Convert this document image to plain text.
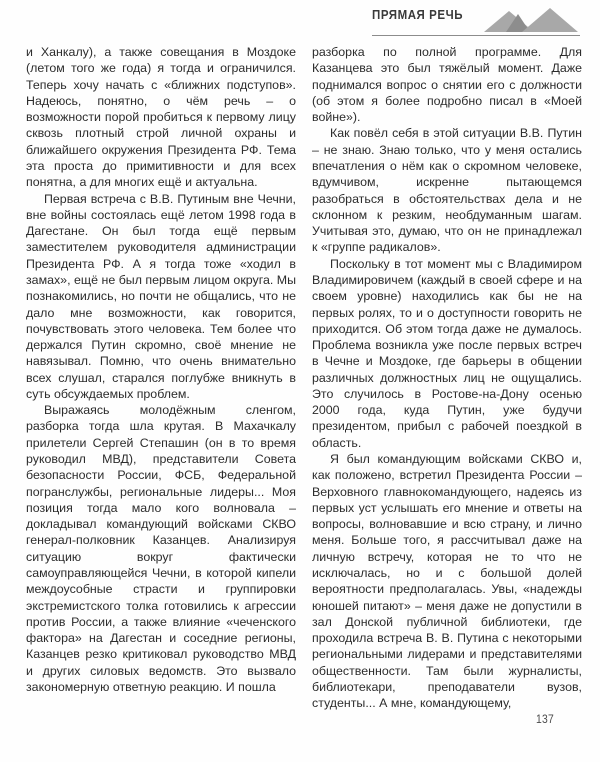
ПРЯМАЯ РЕЧЬ

и Ханкалу), а также совещания в Моздоке (летом того же года) я тогда и ограничился. Теперь хочу начать с «ближних подступов». Надеюсь, понятно, о чём речь – о возможности порой пробиться к первому лицу сквозь плотный строй личной охраны и ближайшего окружения Президента РФ. Тема эта проста до примитивности и для всех понятна, а для многих ещё и актуальна.

Первая встреча с В.В. Путиным вне Чечни, вне войны состоялась ещё летом 1998 года в Дагестане. Он был тогда ещё первым заместителем руководителя администрации Президента РФ. А я тогда тоже «ходил в замах», ещё не был первым лицом округа. Мы познакомились, но почти не общались, что не дало мне возможности, как говорится, почувствовать этого человека. Тем более что держался Путин скромно, своё мнение не навязывал. Помню, что очень внимательно всех слушал, старался поглубже вникнуть в суть обсуждаемых проблем.

Выражаясь молодёжным сленгом, разборка тогда шла крутая. В Махачкалу прилетели Сергей Степашин (он в то время руководил МВД), представители Совета безопасности России, ФСБ, Федеральной погранслужбы, региональные лидеры... Моя позиция тогда мало кого волновала – докладывал командующий войсками СКВО генерал-полковник Казанцев. Анализируя ситуацию вокруг фактически самоуправляющейся Чечни, в которой кипели междоусобные страсти и группировки экстремистского толка готовились к агрессии против России, а также влияние «чеченского фактора» на Дагестан и соседние регионы, Казанцев резко критиковал руководство МВД и других силовых ведомств. Это вызвало закономерную ответную реакцию. И пошла

разборка по полной программе. Для Казанцева это был тяжёлый момент. Даже поднимался вопрос о снятии его с должности (об этом я более подробно писал в «Моей войне»).

Как повёл себя в этой ситуации В.В. Путин – не знаю. Знаю только, что у меня остались впечатления о нём как о скромном человеке, вдумчивом, искренне пытающемся разобраться в обстоятельствах дела и не склонном к резким, необдуманным шагам. Учитывая это, думаю, что он не принадлежал к «группе радикалов».

Поскольку в тот момент мы с Владимиром Владимировичем (каждый в своей сфере и на своем уровне) находились как бы не на первых ролях, то и о доступности говорить не приходится. Об этом тогда даже не думалось. Проблема возникла уже после первых встреч в Чечне и Моздоке, где барьеры в общении различных должностных лиц не ощущались. Это случилось в Ростове-на-Дону осенью 2000 года, куда Путин, уже будучи президентом, прибыл с рабочей поездкой в область.

Я был командующим войсками СКВО и, как положено, встретил Президента России – Верховного главнокомандующего, надеясь из первых уст услышать его мнение и ответы на вопросы, волновавшие и всю страну, и лично меня. Больше того, я рассчитывал даже на личную встречу, которая не то что не исключалась, но и с большой долей вероятности предполагалась. Увы, «надежды юношей питают» – меня даже не допустили в зал Донской публичной библиотеки, где проходила встреча В. В. Путина с некоторыми региональными лидерами и представителями общественности. Там были журналисты, библиотекари, преподаватели вузов, студенты... А мне, командующему,

137
